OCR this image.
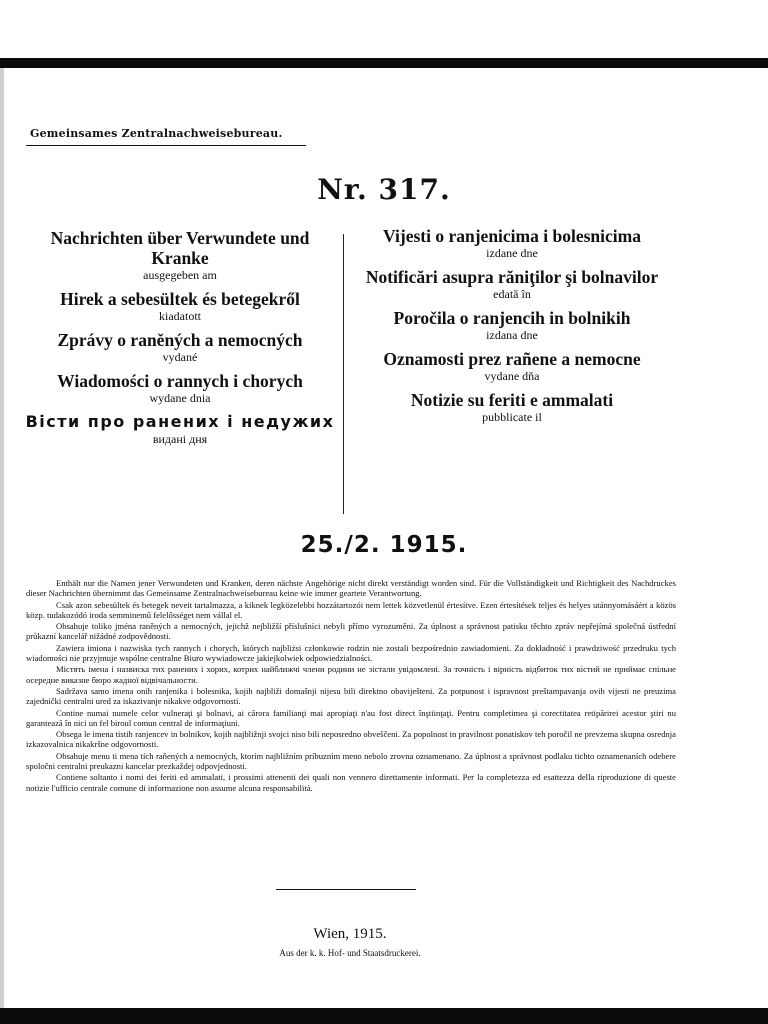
Gemeinsames Zentralnachweisebureau.
Nr. 317.
Nachrichten über Verwundete und Kranke
ausgegeben am
Hirek a sebesültek és betegekről
kiadatott
Zprávy o raněných a nemocných
vydané
Wiadomości o rannych i chorych
wydane dnia
Вісти про ранених і недужих
видані дня
Vijesti o ranjenicima i bolesnicima
izdane dne
Notificări asupra răniţilor şi bolnavilor
edată în
Poročila o ranjencih in bolnikih
izdana dne
Oznamosti prez rañene a nemocne
vydane dňa
Notizie su feriti e ammalati
pubblicate il
25./2. 1915.

Enthält nur die Namen jener Verwundeten und Kranken, deren nächste Angehörige nicht direkt verständigt worden sind. Für die Vollständigkeit und Richtigkeit des Nachdruckes dieser Nachrichten übernimmt das Gemeinsame Zentralnachweisebureau keine wie immer geartete Verantwortung.

Csak azon sebesültek és betegek neveit tartalmazza, a kiknek legközelebbi hozzátartozói nem lettek közvetlenül értesítve. Ezen értesítések teljes és helyes utánnyomásáért a közös közp. tudakozódó iroda semminemű felelősséget nem vállal el.

Obsahuje toliko jména raněných a nemocných, jejichž nejbližší příslušníci nebyli přímo vyrozuměni. Za úplnost a správnost patisku těchto zpráv nepřejímá společná ústřední průkazní kancelář nižádné zodpovědnosti.

Zawiera imiona i nazwiska tych rannych i chorych, których najbliżsi członkowie rodzin nie zostali bezpośrednio zawiadomieni. Za dokładność i prawdziwość przedruku tych wiadomości nie przyjmuje wspólne centralne Biuro wywiadowcze jakiejkolwiek odpowiedzialności.

Містять імена і назвиска тих ранених і хорих, котрих найближчі члени родини не зістали увідомлені. За точність і вірність відбиток тих вістий не приймає спільне осередне виказне бюро жадної відвічальности.

Sadržava samo imena onih ranjenika i bolesnika, kojih najbliži domašnji nijesu bili direktno obaviješteni. Za potpunost i ispravnost preštampavanja ovih vijesti ne preuzima zajednički centralni ured za iskazivanje nikakve odgovornosti.

Contine numai numele celor vulneraţi şi bolnavi, ai cărora familianţi mai apropiaţi n'au fost direct înştiinţaţi. Pentru completimea şi corectitatea retipărirei acestor ştiri nu garantează în nici un fel biroul comun central de informaţiuni.

Obsega le imena tistih ranjencev in bolnikov, kojih najbližnji svojci niso bili neposredno obveščeni. Za popolnost in pravilnost ponatiskov teh poročil ne prevzema skupna osrednja izkazovalnica nikakršne odgovornosti.

Obsahuje menu ti mena tích raňených a nemocných, ktorím najbližním príbuzním meno nebolo zrovna oznamenano. Za úplnost a správnost podlaku tichto oznamenaních odebere spoločni centralni preukazni kancelar prezkaždej odpovjednosti.

Contiene soltanto i nomi dei feriti ed ammalati, i prossimi attenenti dei quali non vennero direttamente informati. Per la completezza ed esattezza della riproduzione di queste notizie l'ufficio centrale comune di informazione non assume alcuna responsabilità.

Wien, 1915.
Aus der k. k. Hof- und Staatsdruckerei.
